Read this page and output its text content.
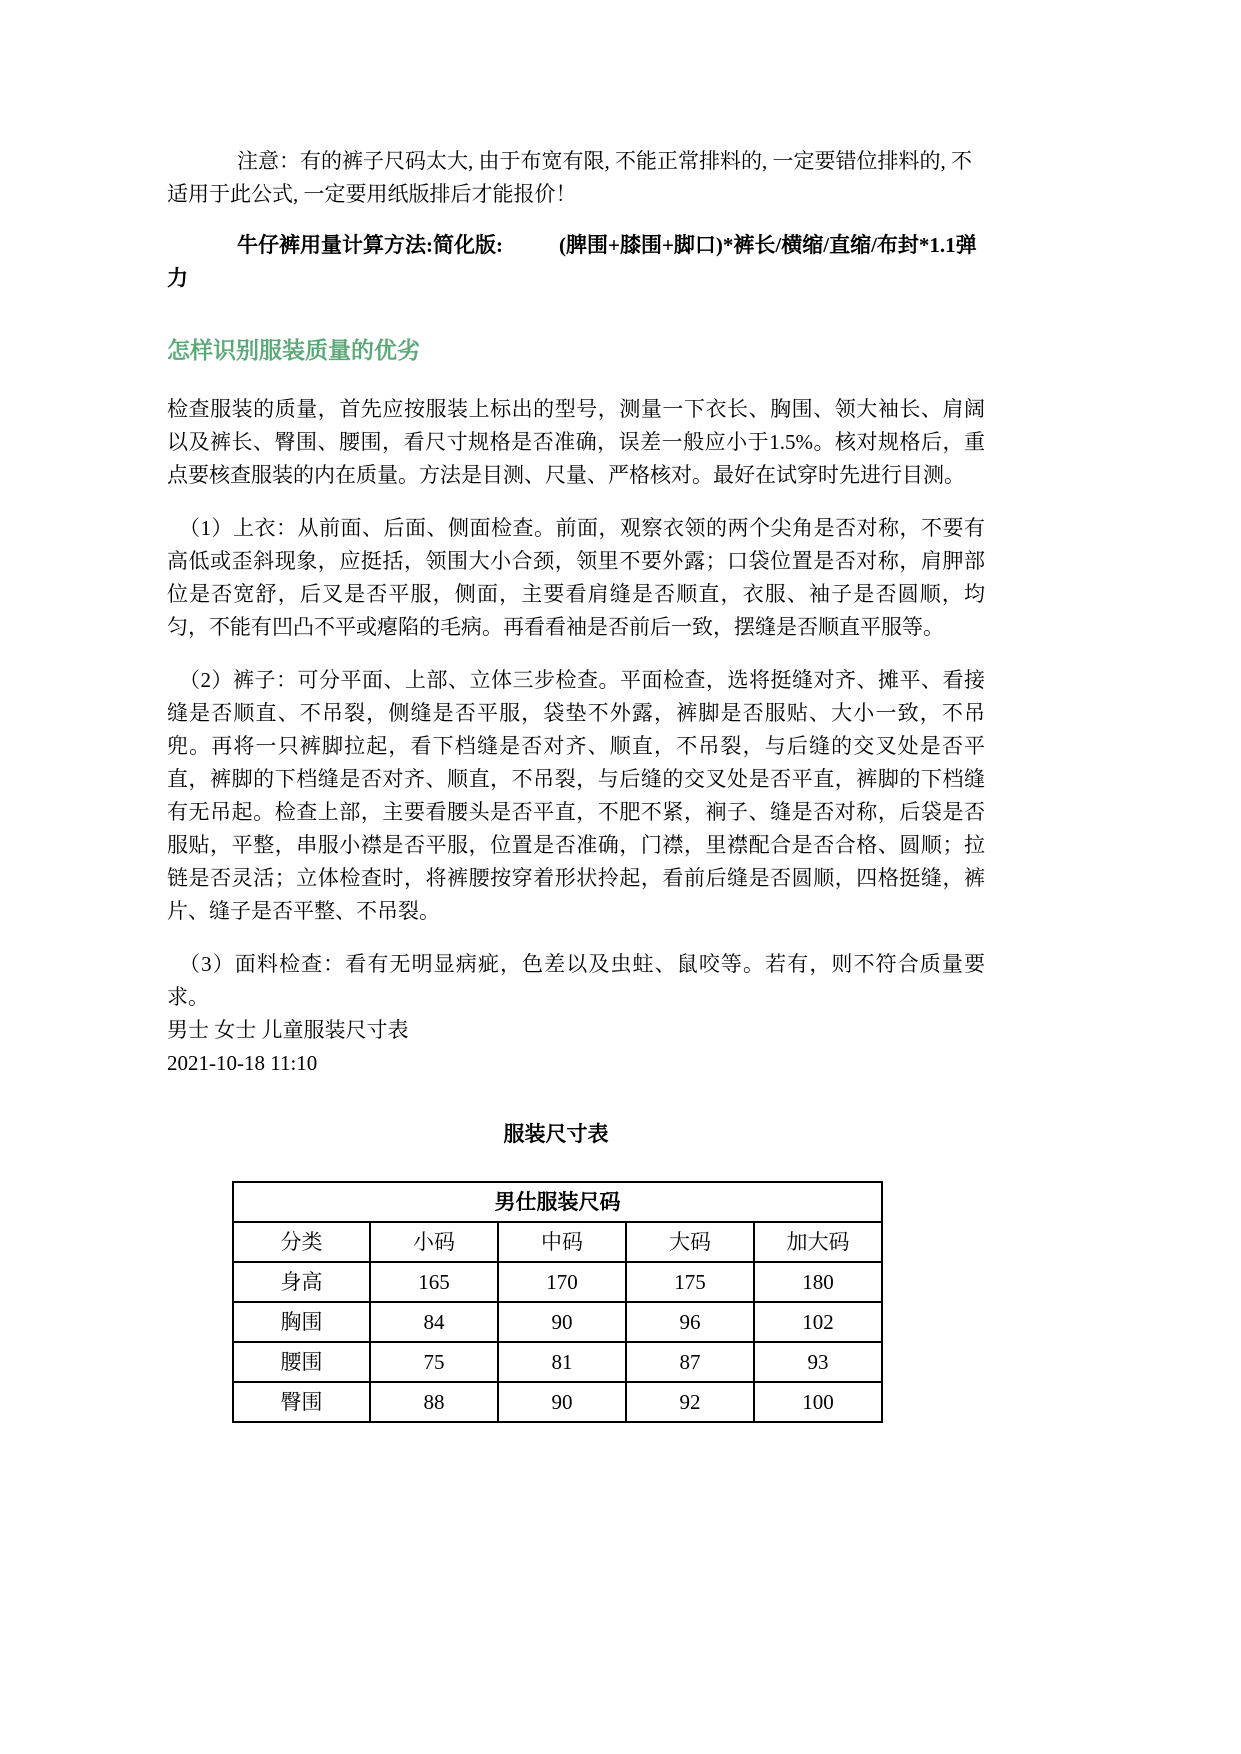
注意：有的裤子尺码太大, 由于布宽有限, 不能正常排料的, 一定要错位排料的, 不适用于此公式, 一定要用纸版排后才能报价！

牛仔裤用量计算方法:简化版:	(脾围+膝围+脚口)*裤长/横缩/直缩/布封*1.1弹力

怎样识别服装质量的优劣

检查服装的质量，首先应按服装上标出的型号，测量一下衣长、胸围、领大袖长、肩阔以及裤长、臀围、腰围，看尺寸规格是否准确，误差一般应小于1.5%。核对规格后，重点要核查服装的内在质量。方法是目测、尺量、严格核对。最好在试穿时先进行目测。

（1）上衣：从前面、后面、侧面检查。前面，观察衣领的两个尖角是否对称，不要有高低或歪斜现象，应挺括，领围大小合颈，领里不要外露；口袋位置是否对称，肩胛部位是否宽舒，后叉是否平服，侧面，主要看肩缝是否顺直，衣服、袖子是否圆顺，均匀，不能有凹凸不平或瘪陷的毛病。再看看袖是否前后一致，摆缝是否顺直平服等。

（2）裤子：可分平面、上部、立体三步检查。平面检查，选将挺缝对齐、摊平、看接缝是否顺直、不吊裂，侧缝是否平服，袋垫不外露，裤脚是否服贴、大小一致，不吊兜。再将一只裤脚拉起，看下档缝是否对齐、顺直，不吊裂，与后缝的交叉处是否平直，裤脚的下档缝是否对齐、顺直，不吊裂，与后缝的交叉处是否平直，裤脚的下档缝有无吊起。检查上部，主要看腰头是否平直，不肥不紧，裥子、缝是否对称，后袋是否服贴，平整，串服小襟是否平服，位置是否准确，门襟，里襟配合是否合格、圆顺；拉链是否灵活；立体检查时，将裤腰按穿着形状拎起，看前后缝是否圆顺，四格挺缝，裤片、缝子是否平整、不吊裂。

（3）面料检查：看有无明显病疵，色差以及虫蛀、鼠咬等。若有，则不符合质量要求。

男士 女士 儿童服装尺寸表

2021-10-18 11:10

服装尺寸表
男仕服装尺码				
分类	小码	中码	大码	加大码
身高	165	170	175	180
胸围	84	90	96	102
腰围	75	81	87	93
臀围	88	90	92	100
